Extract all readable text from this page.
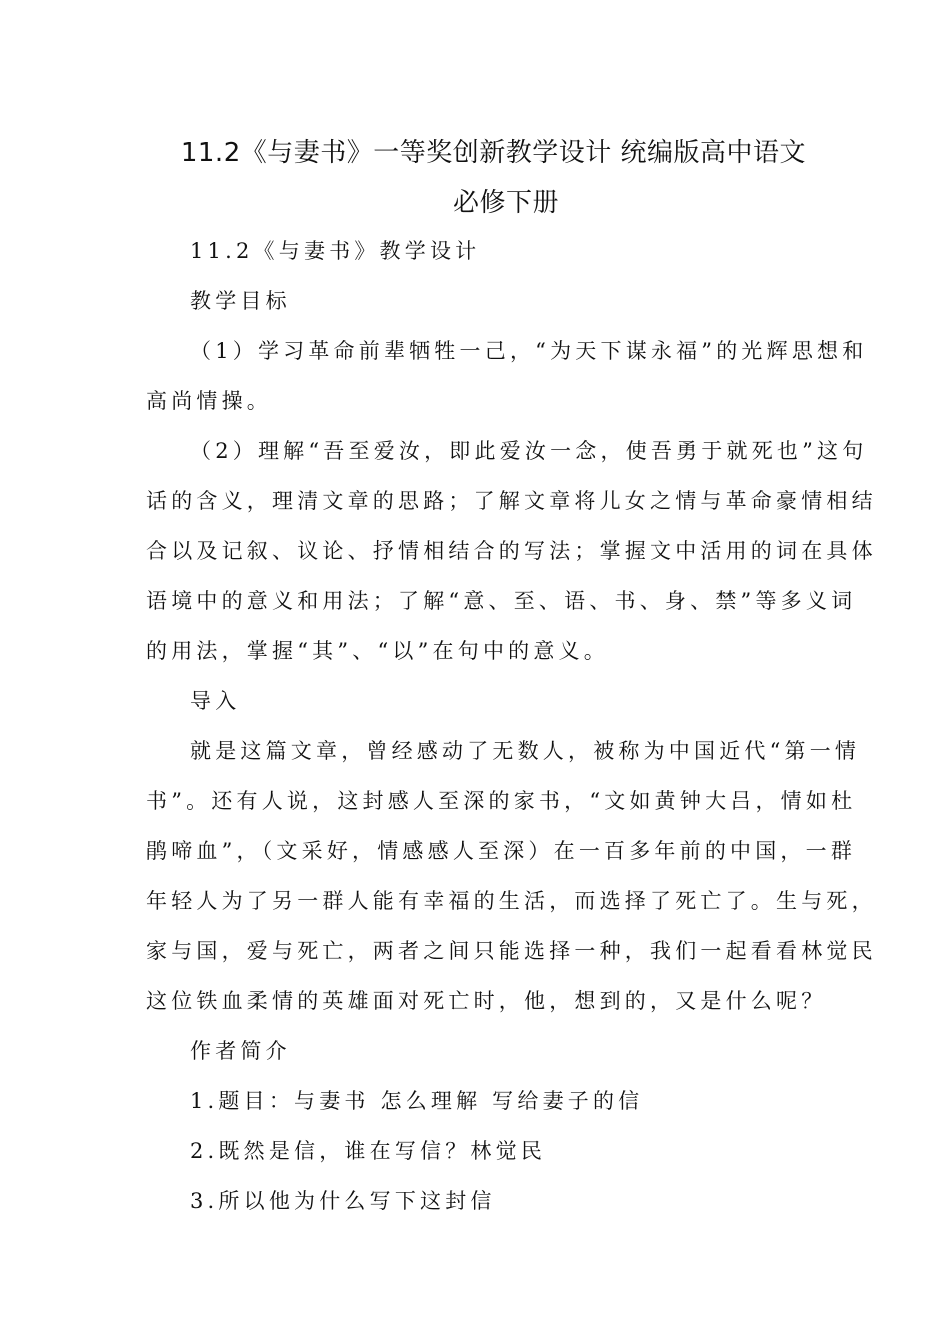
11.2《与妻书》一等奖创新教学设计 统编版高中语文
必修下册
11.2《与妻书》教学设计
教学目标
（1）学习革命前辈牺牲一己，“为天下谋永福”的光辉思想和
高尚情操。
（2）理解“吾至爱汝，即此爱汝一念，使吾勇于就死也”这句
话的含义，理清文章的思路；了解文章将儿女之情与革命豪情相结
合以及记叙、议论、抒情相结合的写法；掌握文中活用的词在具体
语境中的意义和用法；了解“意、至、语、书、身、禁”等多义词
的用法，掌握“其”、“以”在句中的意义。
导入
就是这篇文章，曾经感动了无数人，被称为中国近代“第一情
书”。还有人说，这封感人至深的家书，“文如黄钟大吕，情如杜
鹃啼血”，（文采好，情感感人至深）在一百多年前的中国，一群
年轻人为了另一群人能有幸福的生活，而选择了死亡了。生与死，
家与国，爱与死亡，两者之间只能选择一种，我们一起看看林觉民
这位铁血柔情的英雄面对死亡时，他，想到的，又是什么呢？
作者简介
1.题目：与妻书 怎么理解 写给妻子的信
2.既然是信，谁在写信？林觉民
3.所以他为什么写下这封信
